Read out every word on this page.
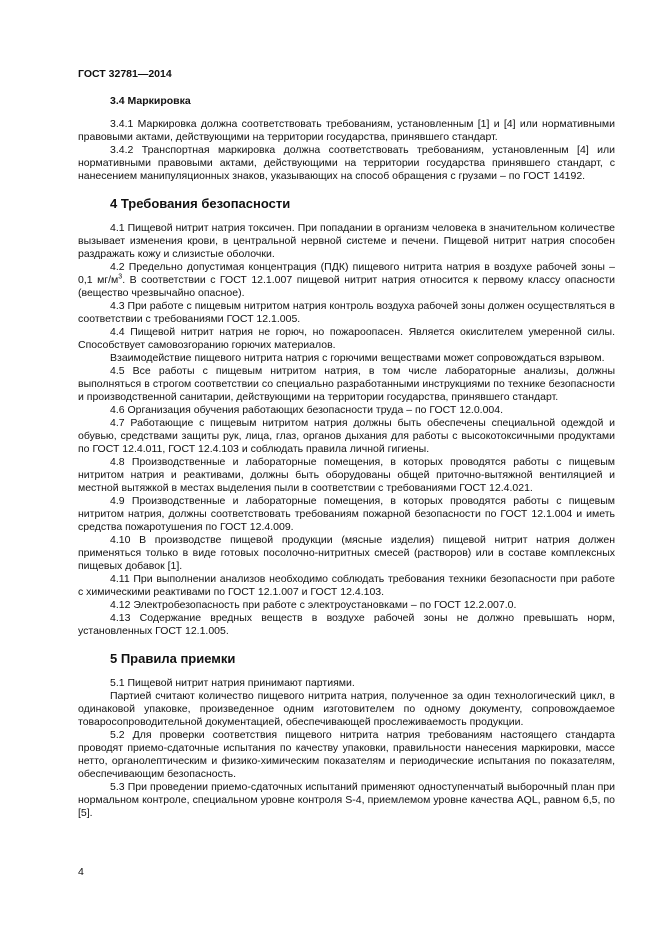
ГОСТ 32781—2014
3.4 Маркировка

3.4.1 Маркировка должна соответствовать требованиям, установленным [1] и [4] или нормативными правовыми актами, действующими на территории государства, принявшего стандарт.

3.4.2 Транспортная маркировка должна соответствовать требованиям, установленным [4] или нормативными правовыми актами, действующими на территории государства принявшего стандарт, с нанесением манипуляционных знаков, указывающих на способ обращения с грузами – по ГОСТ 14192.

4 Требования безопасности

4.1 Пищевой нитрит натрия токсичен. При попадании в организм человека в значительном количестве вызывает изменения крови, в центральной нервной системе и печени. Пищевой нитрит натрия способен раздражать кожу и слизистые оболочки.

4.2 Предельно допустимая концентрация (ПДК) пищевого нитрита натрия в воздухе рабочей зоны – 0,1 $мг/м^3$. В соответствии с ГОСТ 12.1.007 пищевой нитрит натрия относится к первому классу опасности (вещество чрезвычайно опасное).

4.3 При работе с пищевым нитритом натрия контроль воздуха рабочей зоны должен осуществляться в соответствии с требованиями ГОСТ 12.1.005.

4.4 Пищевой нитрит натрия не горюч, но пожароопасен. Является окислителем умеренной силы. Способствует самовозгоранию горючих материалов.

Взаимодействие пищевого нитрита натрия с горючими веществами может сопровождаться взрывом.

4.5 Все работы с пищевым нитритом натрия, в том числе лабораторные анализы, должны выполняться в строгом соответствии со специально разработанными инструкциями по технике безопасности и производственной санитарии, действующими на территории государства, принявшего стандарт.

4.6 Организация обучения работающих безопасности труда – по ГОСТ 12.0.004.

4.7 Работающие с пищевым нитритом натрия должны быть обеспечены специальной одеждой и обувью, средствами защиты рук, лица, глаз, органов дыхания для работы с высокотоксичными продуктами по ГОСТ 12.4.011, ГОСТ 12.4.103 и соблюдать правила личной гигиены.

4.8 Производственные и лабораторные помещения, в которых проводятся работы с пищевым нитритом натрия и реактивами, должны быть оборудованы общей приточно-вытяжной вентиляцией и местной вытяжкой в местах выделения пыли в соответствии с требованиями ГОСТ 12.4.021.

4.9 Производственные и лабораторные помещения, в которых проводятся работы с пищевым нитритом натрия, должны соответствовать требованиям пожарной безопасности по ГОСТ 12.1.004 и иметь средства пожаротушения по ГОСТ 12.4.009.

4.10 В производстве пищевой продукции (мясные изделия) пищевой нитрит натрия должен применяться только в виде готовых посолочно-нитритных смесей (растворов) или в составе комплексных пищевых добавок [1].

4.11 При выполнении анализов необходимо соблюдать требования техники безопасности при работе с химическими реактивами по ГОСТ 12.1.007 и ГОСТ 12.4.103.

4.12 Электробезопасность при работе с электроустановками – по ГОСТ 12.2.007.0.

4.13 Содержание вредных веществ в воздухе рабочей зоны не должно превышать норм, установленных ГОСТ 12.1.005.

5 Правила приемки

5.1 Пищевой нитрит натрия принимают партиями.

Партией считают количество пищевого нитрита натрия, полученное за один технологический цикл, в одинаковой упаковке, произведенное одним изготовителем по одному документу, сопровождаемое товаросопроводительной документацией, обеспечивающей прослеживаемость продукции.

5.2 Для проверки соответствия пищевого нитрита натрия требованиям настоящего стандарта проводят приемо-сдаточные испытания по качеству упаковки, правильности нанесения маркировки, массе нетто, органолептическим и физико-химическим показателям и периодические испытания по показателям, обеспечивающим безопасность.

5.3 При проведении приемо-сдаточных испытаний применяют одноступенчатый выборочный план при нормальном контроле, специальном уровне контроля S-4, приемлемом уровне качества AQL, равном 6,5, по [5].

4
